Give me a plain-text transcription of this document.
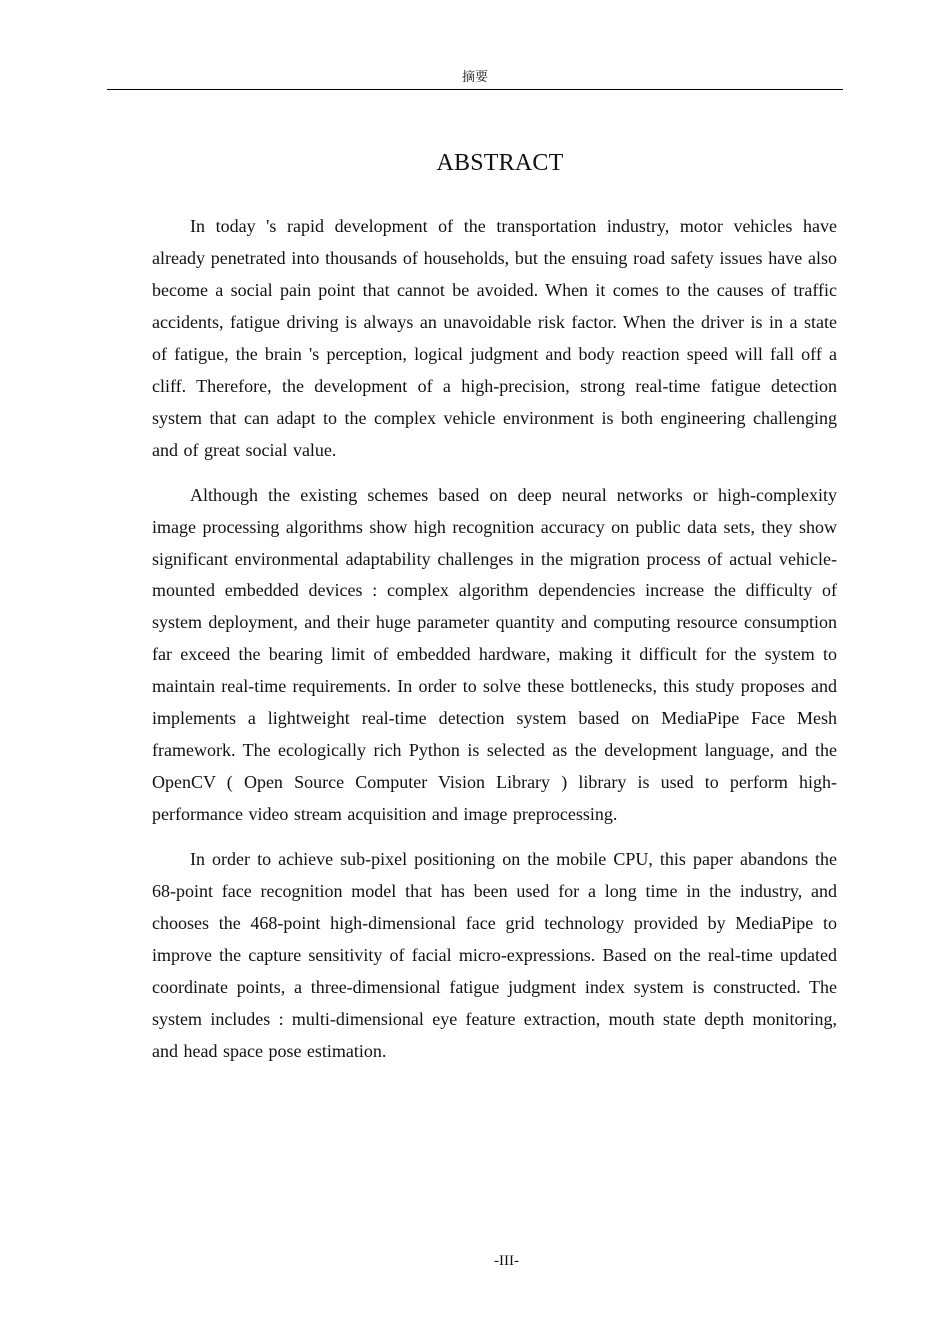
摘要
ABSTRACT

In today 's rapid development of the transportation industry, motor vehicles have already penetrated into thousands of households, but the ensuing road safety issues have also become a social pain point that cannot be avoided. When it comes to the causes of traffic accidents, fatigue driving is always an unavoidable risk factor. When the driver is in a state of fatigue, the brain 's perception, logical judgment and body reaction speed will fall off a cliff. Therefore, the development of a high-precision, strong real-time fatigue detection system that can adapt to the complex vehicle environment is both engineering challenging and of great social value.

Although the existing schemes based on deep neural networks or high-complexity image processing algorithms show high recognition accuracy on public data sets, they show significant environmental adaptability challenges in the migration process of actual vehicle-mounted embedded devices : complex algorithm dependencies increase the difficulty of system deployment, and their huge parameter quantity and computing resource consumption far exceed the bearing limit of embedded hardware, making it difficult for the system to maintain real-time requirements. In order to solve these bottlenecks, this study proposes and implements a lightweight real-time detection system based on MediaPipe Face Mesh framework. The ecologically rich Python is selected as the development language, and the OpenCV ( Open Source Computer Vision Library ) library is used to perform high-performance video stream acquisition and image preprocessing.

In order to achieve sub-pixel positioning on the mobile CPU, this paper abandons the 68-point face recognition model that has been used for a long time in the industry, and chooses the 468-point high-dimensional face grid technology provided by MediaPipe to improve the capture sensitivity of facial micro-expressions. Based on the real-time updated coordinate points, a three-dimensional fatigue judgment index system is constructed. The system includes : multi-dimensional eye feature extraction, mouth state depth monitoring, and head space pose estimation.

-III-
